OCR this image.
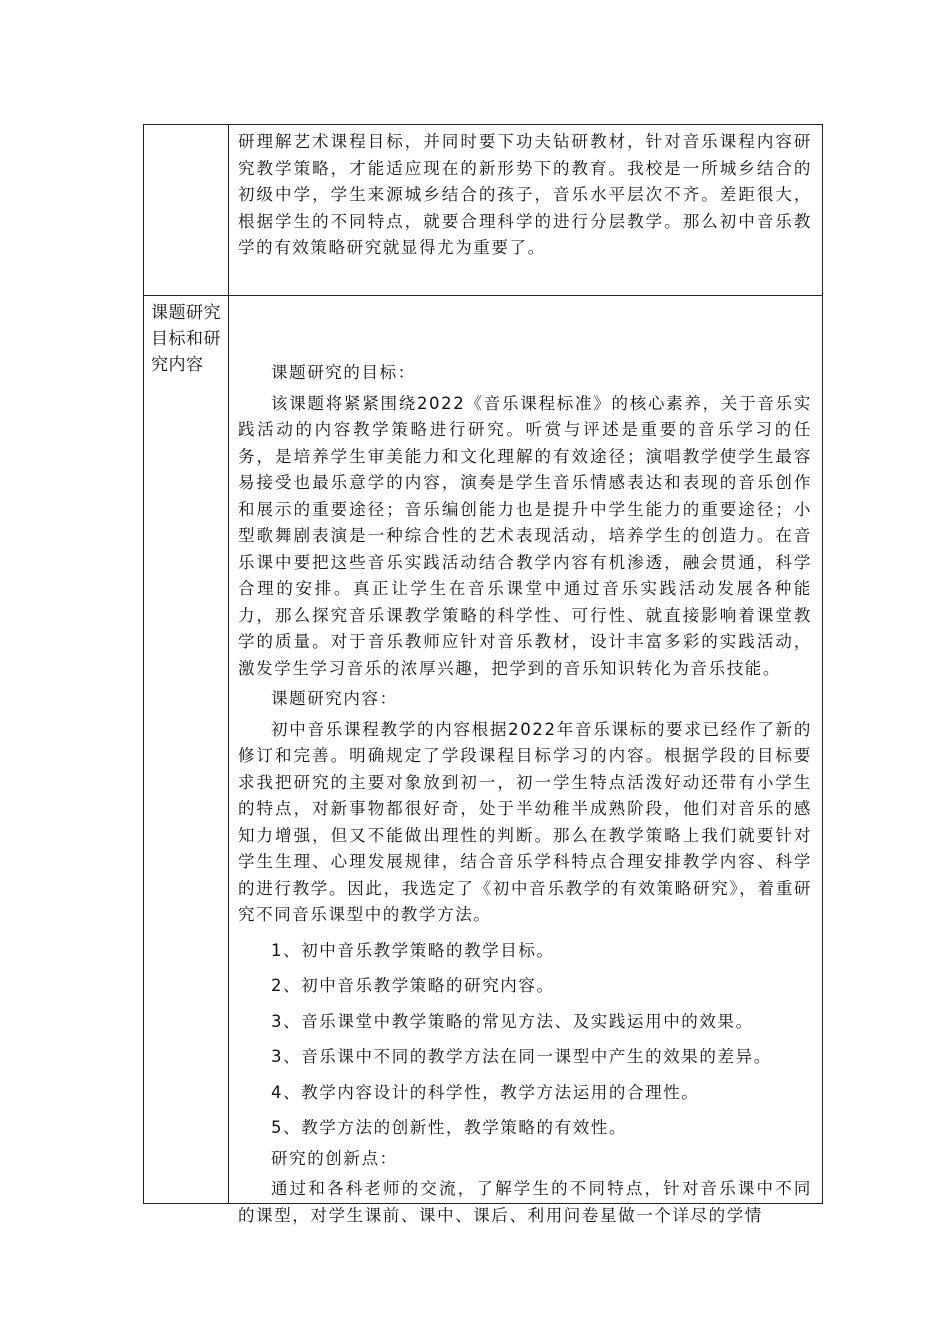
研理解艺术课程目标，并同时要下功夫钻研教材，针对音乐课程内容研究教学策略，才能适应现在的新形势下的教育。我校是一所城乡结合的初级中学，学生来源城乡结合的孩子，音乐水平层次不齐。差距很大，根据学生的不同特点，就要合理科学的进行分层教学。那么初中音乐教学的有效策略研究就显得尤为重要了。

课题研究目标和研究内容	课题研究的目标：

该课题将紧紧围绕2022《音乐课程标准》的核心素养，关于音乐实践活动的内容教学策略进行研究。听赏与评述是重要的音乐学习的任务，是培养学生审美能力和文化理解的有效途径；演唱教学使学生最容易接受也最乐意学的内容，演奏是学生音乐情感表达和表现的音乐创作和展示的重要途径；音乐编创能力也是提升中学生能力的重要途径；小型歌舞剧表演是一种综合性的艺术表现活动，培养学生的创造力。在音乐课中要把这些音乐实践活动结合教学内容有机渗透，融会贯通，科学合理的安排。真正让学生在音乐课堂中通过音乐实践活动发展各种能力，那么探究音乐课教学策略的科学性、可行性、就直接影响着课堂教学的质量。对于音乐教师应针对音乐教材，设计丰富多彩的实践活动，激发学生学习音乐的浓厚兴趣，把学到的音乐知识转化为音乐技能。

课题研究内容：

初中音乐课程教学的内容根据2022年音乐课标的要求已经作了新的修订和完善。明确规定了学段课程目标学习的内容。根据学段的目标要求我把研究的主要对象放到初一，初一学生特点活泼好动还带有小学生的特点，对新事物都很好奇，处于半幼稚半成熟阶段，他们对音乐的感知力增强，但又不能做出理性的判断。那么在教学策略上我们就要针对学生生理、心理发展规律，结合音乐学科特点合理安排教学内容、科学的进行教学。因此，我选定了《初中音乐教学的有效策略研究》，着重研究不同音乐课型中的教学方法。

1、初中音乐教学策略的教学目标。

2、初中音乐教学策略的研究内容。

3、音乐课堂中教学策略的常见方法、及实践运用中的效果。

3、音乐课中不同的教学方法在同一课型中产生的效果的差异。

4、教学内容设计的科学性，教学方法运用的合理性。

5、教学方法的创新性，教学策略的有效性。

研究的创新点：

通过和各科老师的交流，了解学生的不同特点，针对音乐课中不同的课型，对学生课前、课中、课后、利用问卷星做一个详尽的学情
